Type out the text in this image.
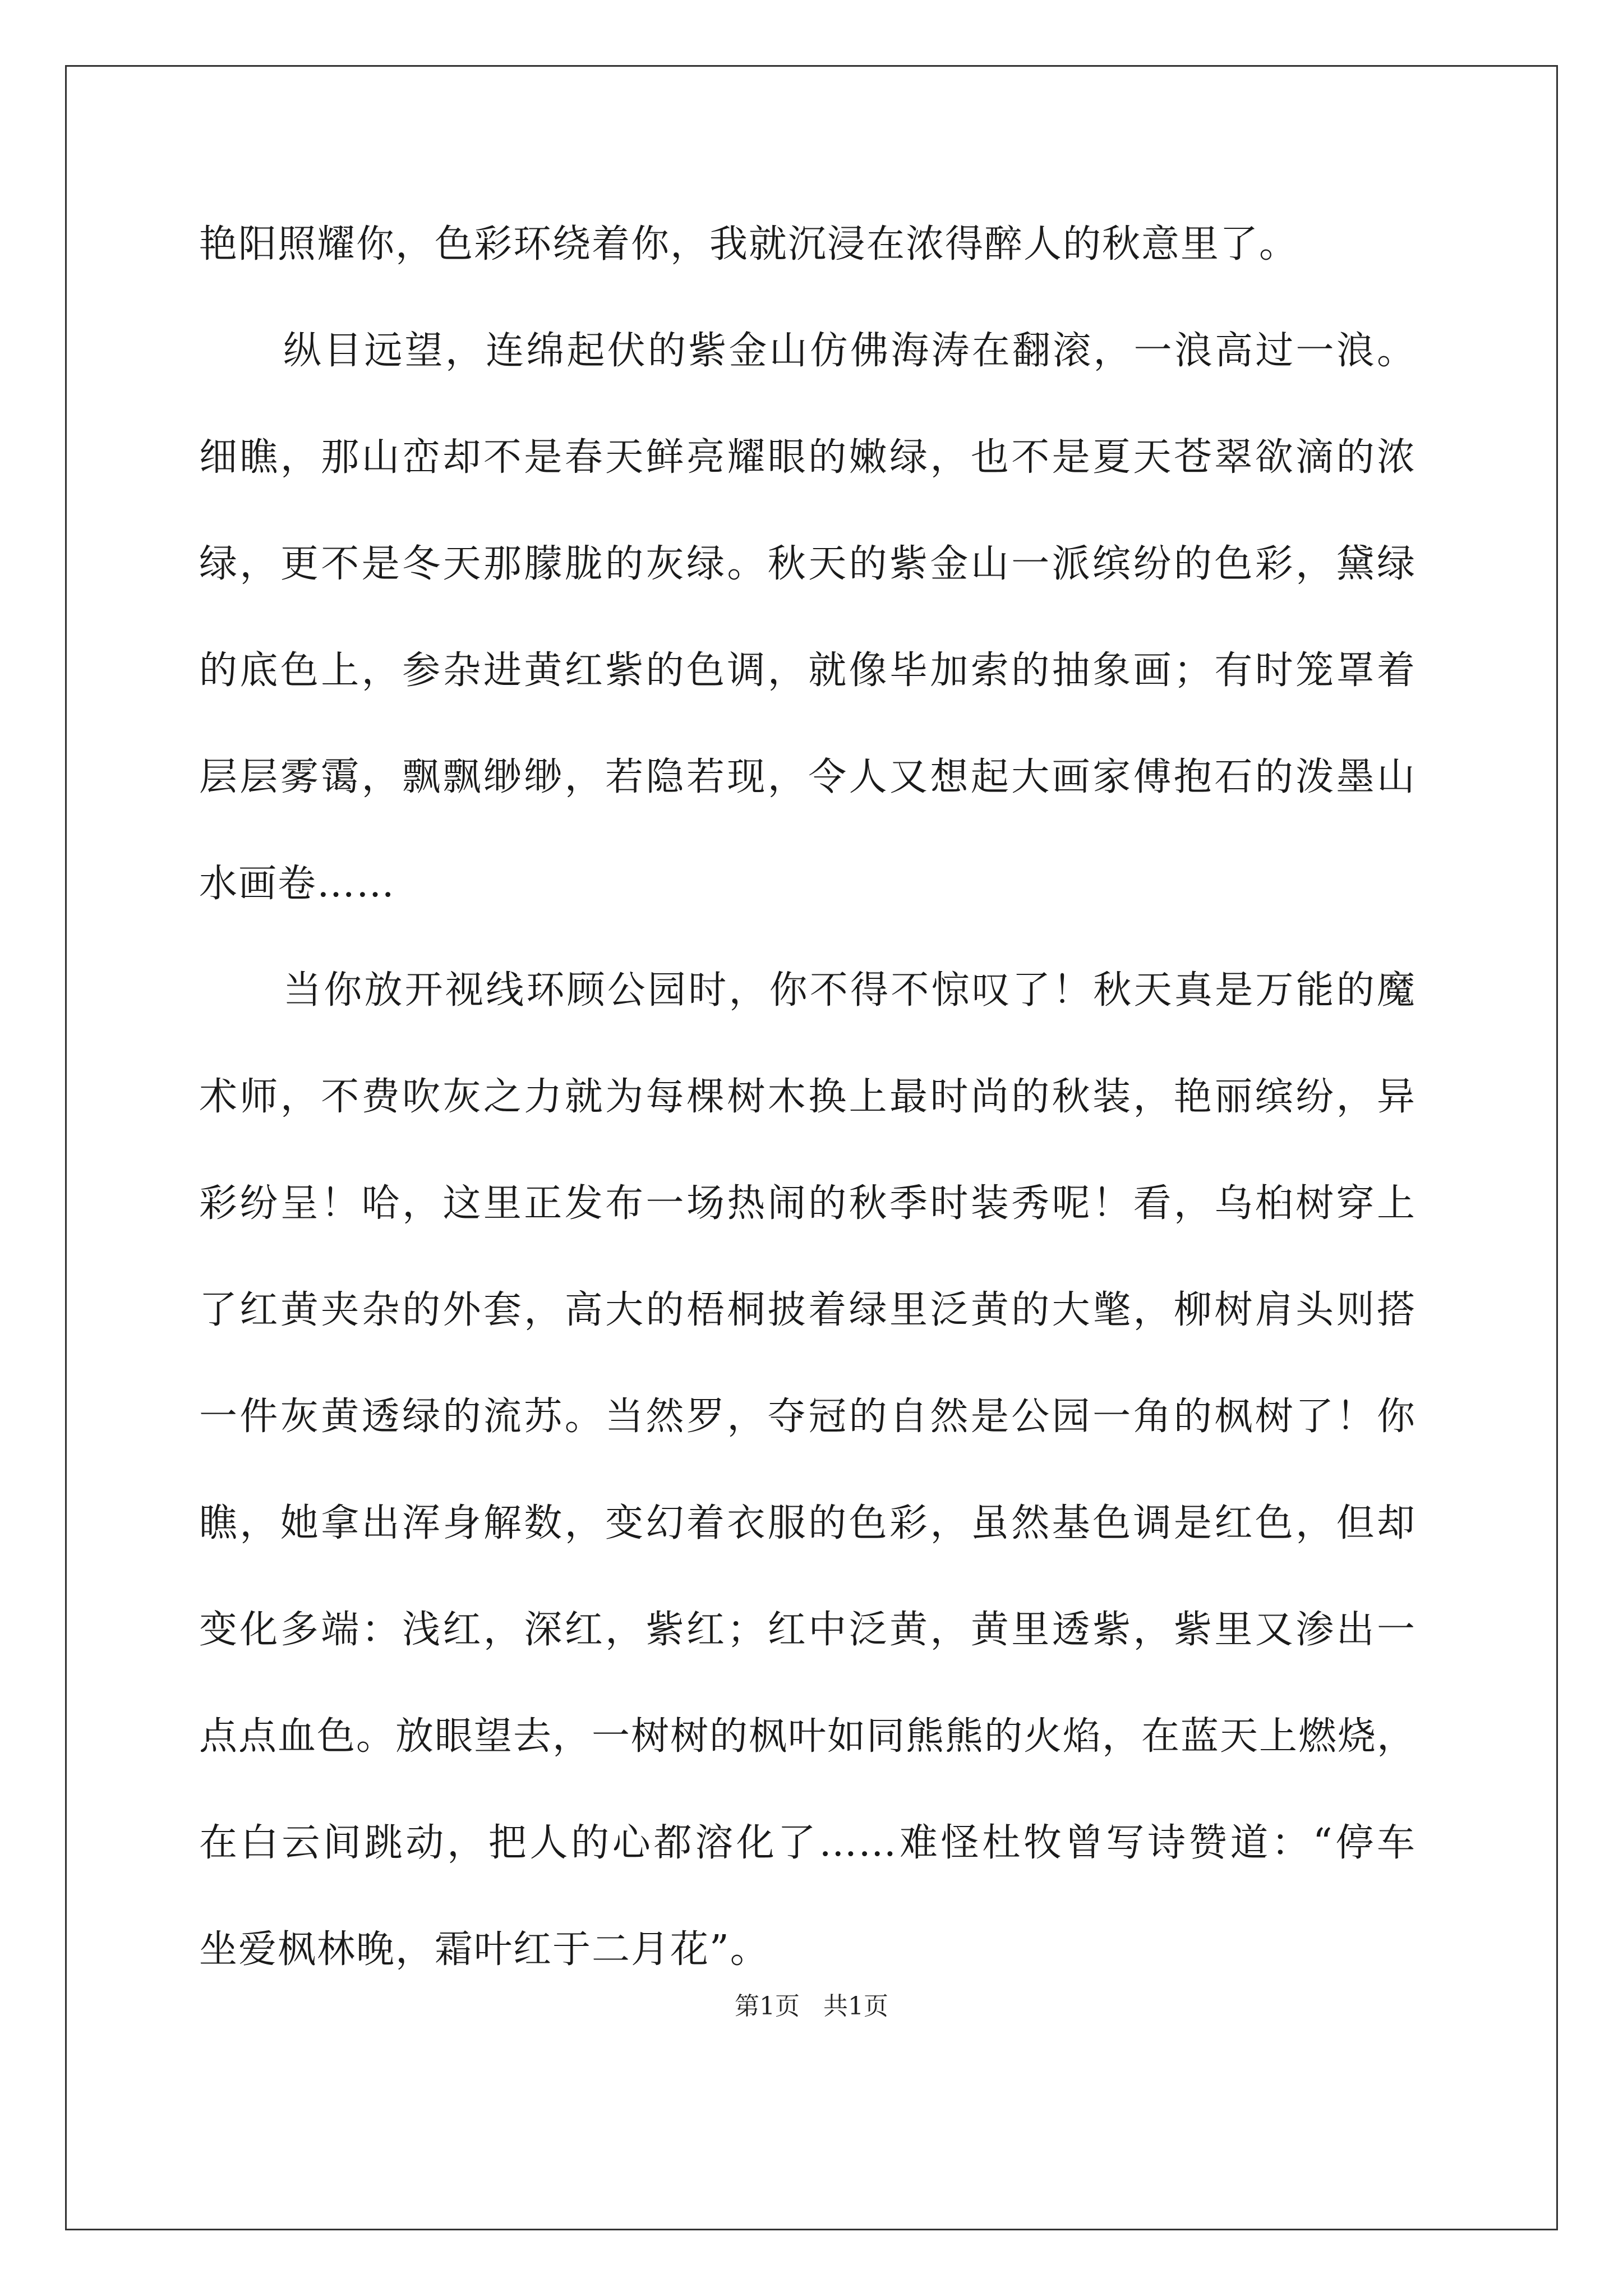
艳阳照耀你，色彩环绕着你，我就沉浸在浓得醉人的秋意里了。
纵目远望，连绵起伏的紫金山仿佛海涛在翻滚，一浪高过一浪。
细瞧，那山峦却不是春天鲜亮耀眼的嫩绿，也不是夏天苍翠欲滴的浓
绿，更不是冬天那朦胧的灰绿。秋天的紫金山一派缤纷的色彩，黛绿
的底色上，参杂进黄红紫的色调，就像毕加索的抽象画；有时笼罩着
层层雾霭，飘飘缈缈，若隐若现，令人又想起大画家傅抱石的泼墨山
水画卷……
当你放开视线环顾公园时，你不得不惊叹了！秋天真是万能的魔
术师，不费吹灰之力就为每棵树木换上最时尚的秋装，艳丽缤纷，异
彩纷呈！哈，这里正发布一场热闹的秋季时装秀呢！看，乌桕树穿上
了红黄夹杂的外套，高大的梧桐披着绿里泛黄的大氅，柳树肩头则搭
一件灰黄透绿的流苏。当然罗，夺冠的自然是公园一角的枫树了！你
瞧，她拿出浑身解数，变幻着衣服的色彩，虽然基色调是红色，但却
变化多端：浅红，深红，紫红；红中泛黄，黄里透紫，紫里又渗出一
点点血色。放眼望去，一树树的枫叶如同熊熊的火焰，在蓝天上燃烧，
在白云间跳动，把人的心都溶化了……难怪杜牧曾写诗赞道：“停车
坐爱枫林晚，霜叶红于二月花”。
第1页 共1页
